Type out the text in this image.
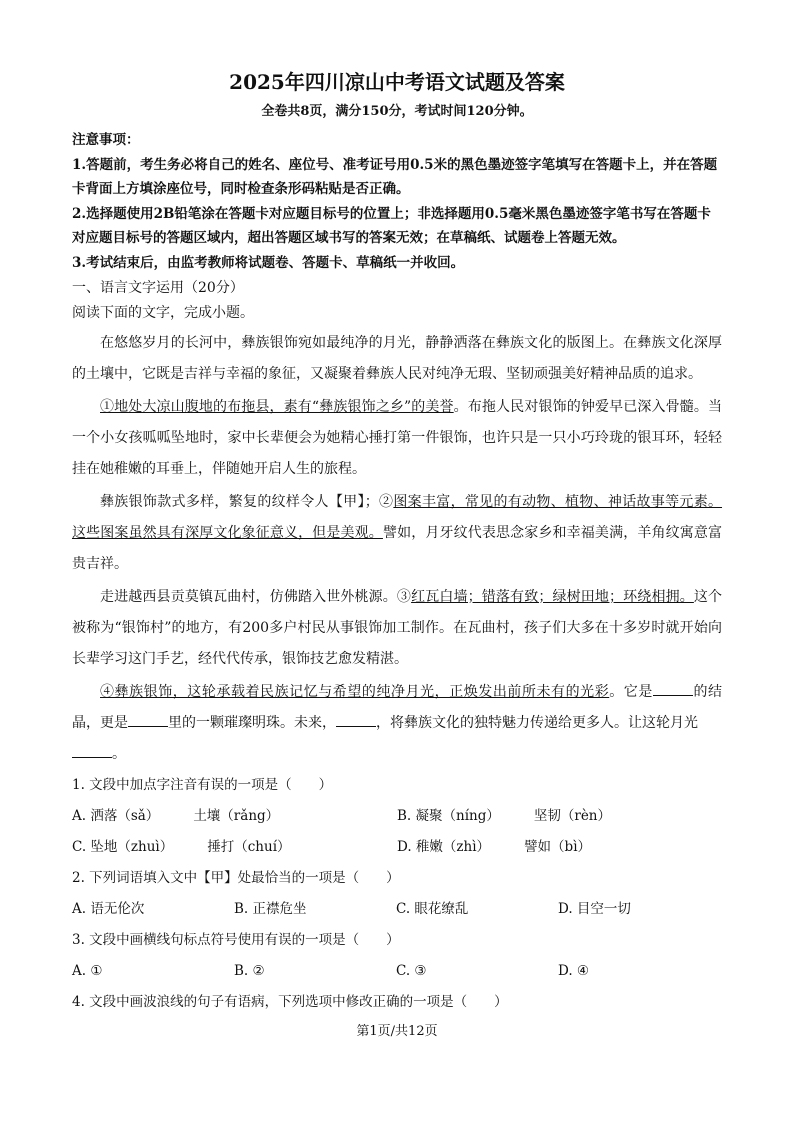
2025年四川凉山中考语文试题及答案

全卷共8页，满分150分，考试时间120分钟。

注意事项：

1.答题前，考生务必将自己的姓名、座位号、准考证号用0.5米的黑色墨迹签字笔填写在答题卡上，并在答题卡背面上方填涂座位号，同时检查条形码粘贴是否正确。

2.选择题使用2B铅笔涂在答题卡对应题目标号的位置上；非选择题用0.5毫米黑色墨迹签字笔书写在答题卡对应题目标号的答题区域内，超出答题区域书写的答案无效；在草稿纸、试题卷上答题无效。

3.考试结束后，由监考教师将试题卷、答题卡、草稿纸一并收回。

一、语言文字运用（20分）

阅读下面的文字，完成小题。

在悠悠岁月的长河中，彝族银饰宛如最纯净的月光，静静洒落在彝族文化的版图上。在彝族文化深厚的土壤中，它既是吉祥与幸福的象征，又凝聚着彝族人民对纯净无瑕、坚韧顽强美好精神品质的追求。

①地处大凉山腹地的布拖县，素有“彝族银饰之乡”的美誉。布拖人民对银饰的钟爱早已深入骨髓。当一个小女孩呱呱坠地时，家中长辈便会为她精心捶打第一件银饰，也许只是一只小巧玲珑的银耳环，轻轻挂在她稚嫩的耳垂上，伴随她开启人生的旅程。

彝族银饰款式多样，繁复的纹样令人【甲】；②图案丰富，常见的有动物、植物、神话故事等元素。这些图案虽然具有深厚文化象征意义，但是美观。譬如，月牙纹代表思念家乡和幸福美满，羊角纹寓意富贵吉祥。

走进越西县贡莫镇瓦曲村，仿佛踏入世外桃源。③红瓦白墙；错落有致；绿树田地；环绕相拥。这个被称为“银饰村”的地方，有200多户村民从事银饰加工制作。在瓦曲村，孩子们大多在十多岁时就开始向长辈学习这门手艺，经代代传承，银饰技艺愈发精湛。

④彝族银饰，这轮承载着民族记忆与希望的纯净月光，正焕发出前所未有的光彩。它是	的结晶，更是	里的一颗璀璨明珠。未来，	，将彝族文化的独特魅力传递给更多人。让这轮月光
。

1. 文段中加点字注音有误的一项是（　　）

A. 洒落（sǎ）	土壤（rǎng）	B. 凝聚（níng）	坚韧（rèn）
C. 坠地（zhuì）	捶打（chuí）	D. 稚嫩（zhì）	譬如（bì）

2. 下列词语填入文中【甲】处最恰当的一项是（　　）

A. 语无伦次	B. 正襟危坐	C. 眼花缭乱	D. 目空一切

3. 文段中画横线句标点符号使用有误的一项是（　　）

A. ①	B. ②	C. ③	D. ④

4. 文段中画波浪线的句子有语病，下列选项中修改正确的一项是（　　）

第1页/共12页
